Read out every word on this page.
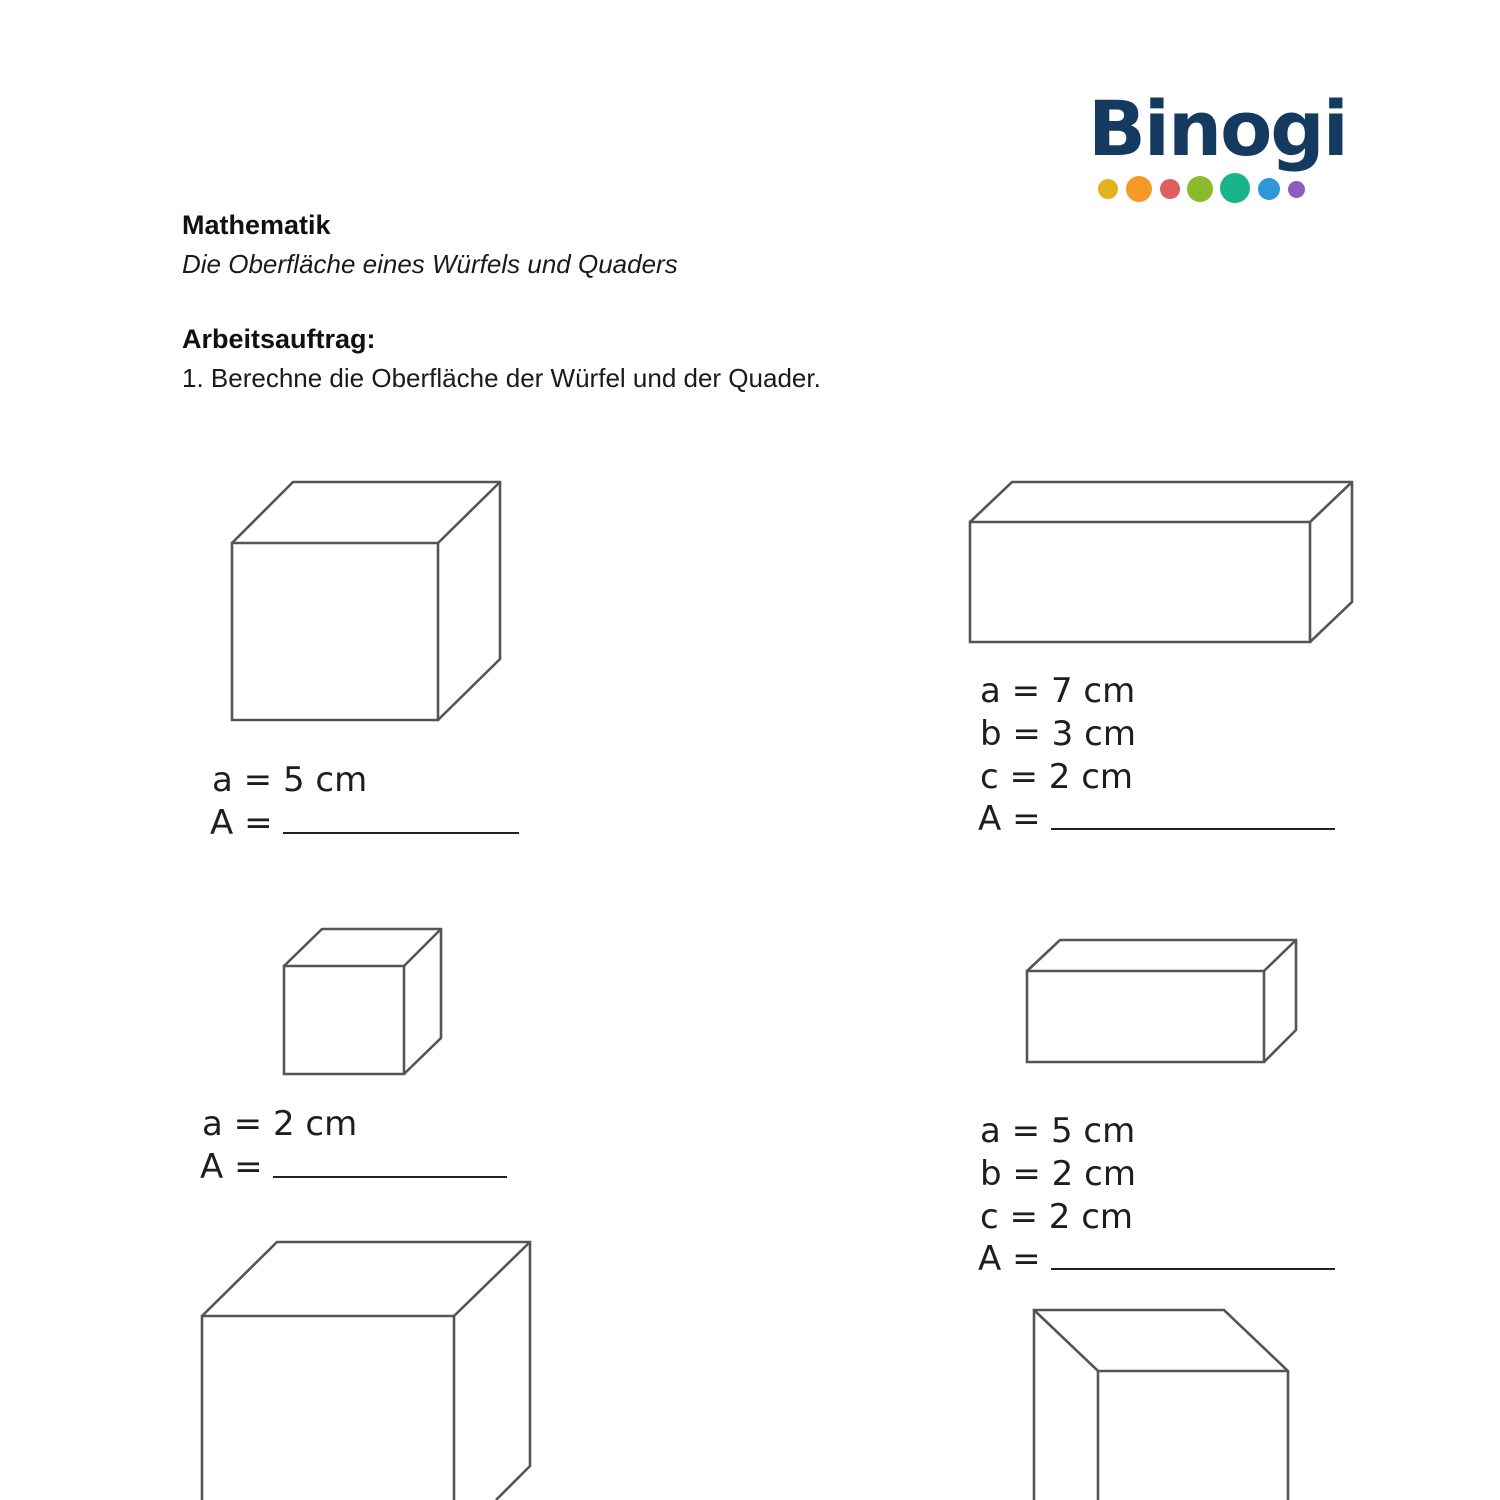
Binogi
Mathematik
Die Oberfläche eines Würfels und Quaders
Arbeitsauftrag:
1. Berechne die Oberfläche der Würfel und der Quader.
a = 5 cm
A =
a = 7 cm
b = 3 cm
c = 2 cm
A =
a = 2 cm
A =
a = 5 cm
b = 2 cm
c = 2 cm
A =
